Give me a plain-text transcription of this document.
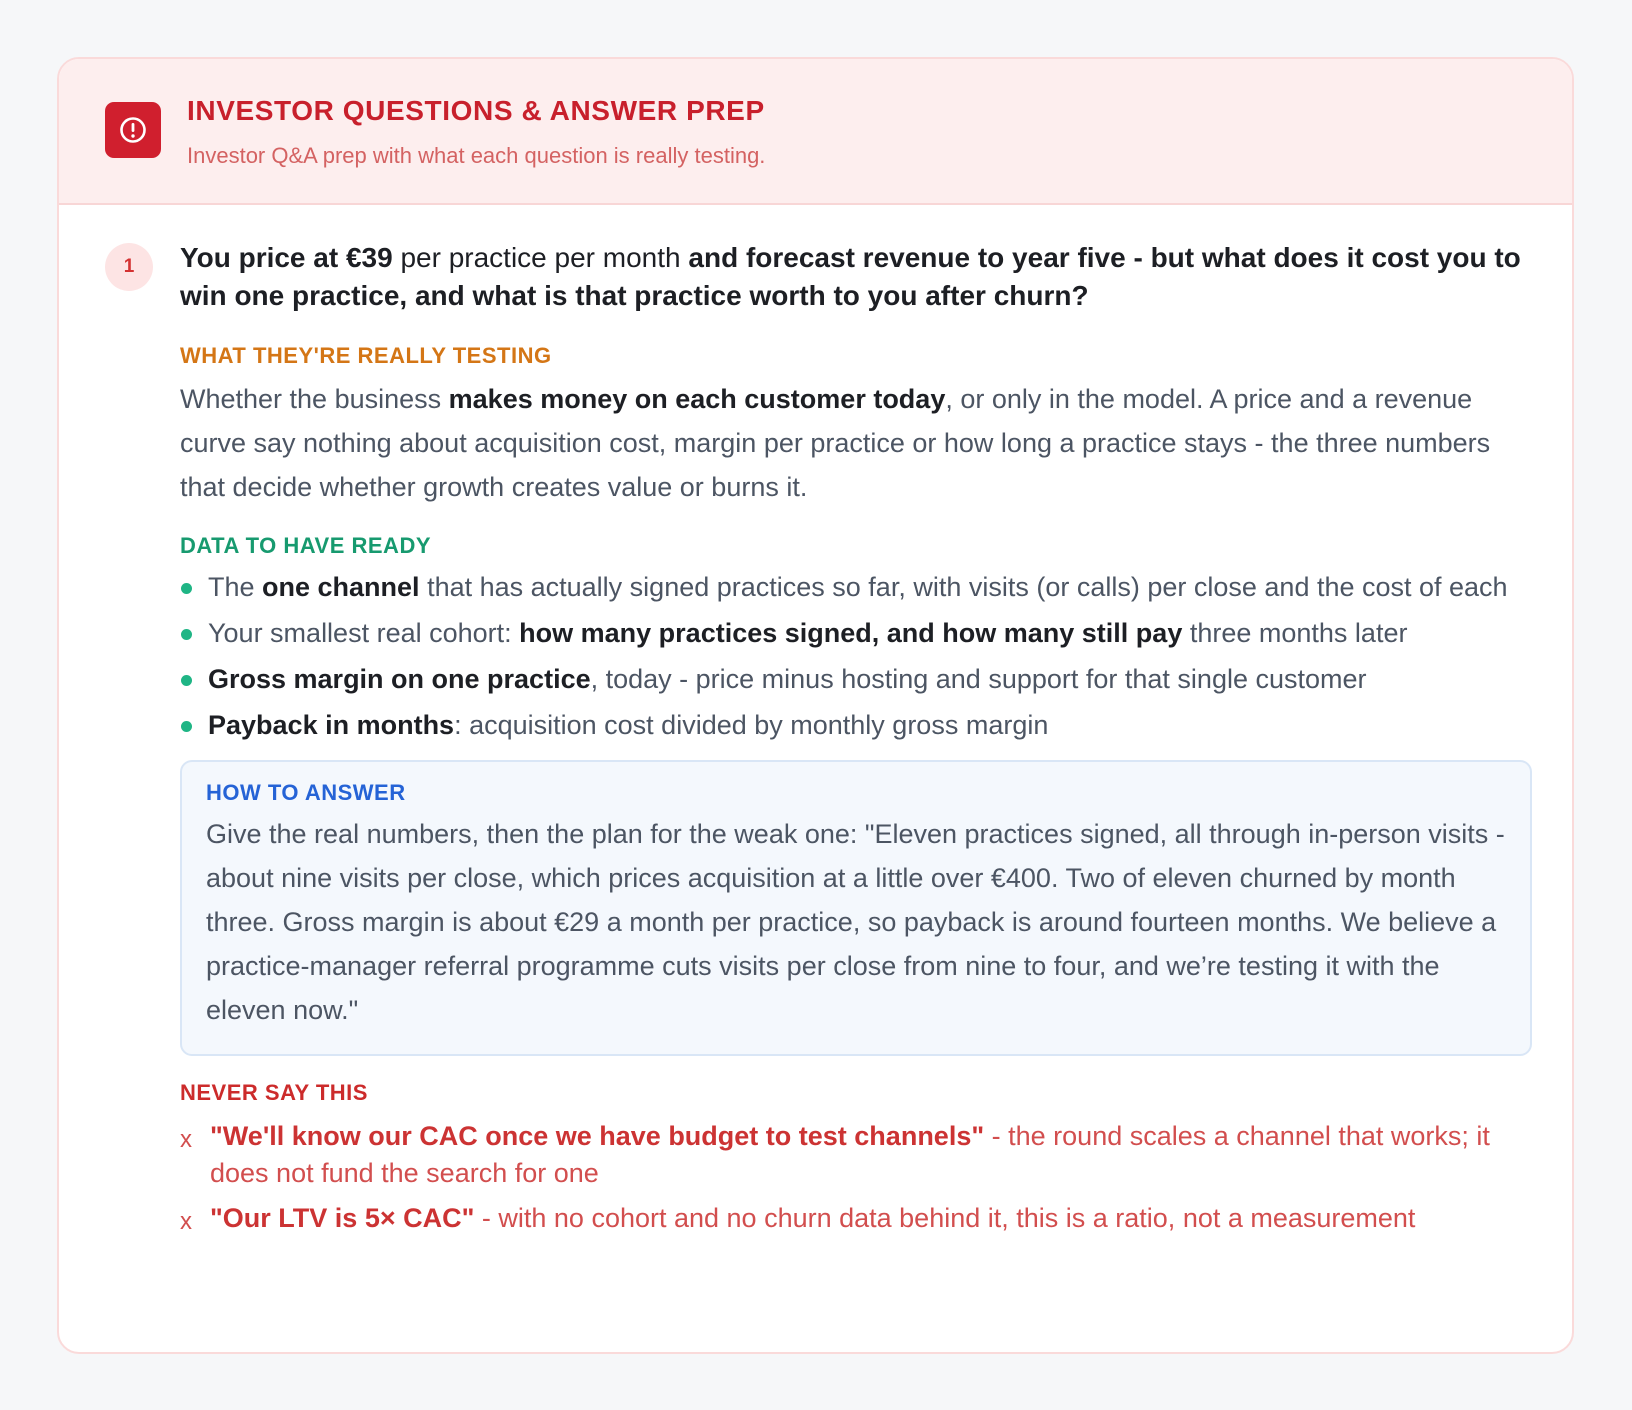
INVESTOR QUESTIONS & ANSWER PREP
Investor Q&A prep with what each question is really testing.
1	You price at €39 per practice per month and forecast revenue to year five - but what does it cost you to win one practice, and what is that practice worth to you after churn?
WHAT THEY'RE REALLY TESTING
Whether the business makes money on each customer today, or only in the model. A price and a revenue curve say nothing about acquisition cost, margin per practice or how long a practice stays - the three numbers that decide whether growth creates value or burns it.
DATA TO HAVE READY
The one channel that has actually signed practices so far, with visits (or calls) per close and the cost of each
Your smallest real cohort: how many practices signed, and how many still pay three months later
Gross margin on one practice, today - price minus hosting and support for that single customer
Payback in months: acquisition cost divided by monthly gross margin
HOW TO ANSWER
Give the real numbers, then the plan for the weak one: "Eleven practices signed, all through in-person visits - about nine visits per close, which prices acquisition at a little over €400. Two of eleven churned by month three. Gross margin is about €29 a month per practice, so payback is around fourteen months. We believe a practice-manager referral programme cuts visits per close from nine to four, and we’re testing it with the eleven now."
NEVER SAY THIS
x "We'll know our CAC once we have budget to test channels" - the round scales a channel that works; it does not fund the search for one
x "Our LTV is 5× CAC" - with no cohort and no churn data behind it, this is a ratio, not a measurement
